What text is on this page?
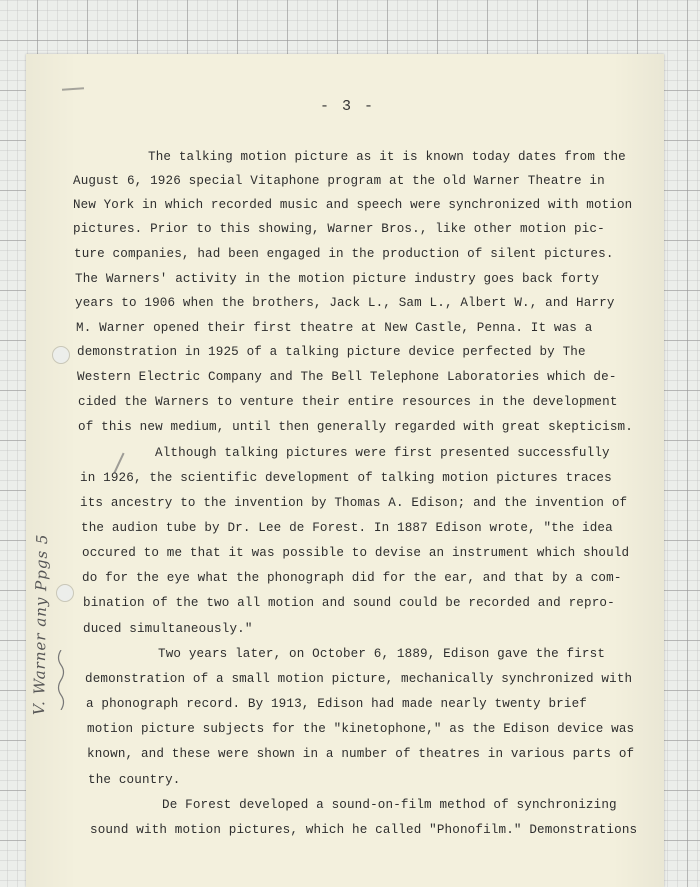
- 3 -
The talking motion picture as it is known today dates from the
August 6, 1926 special Vitaphone program at the old Warner Theatre in
New York in which recorded music and speech were synchronized with motion
pictures. Prior to this showing, Warner Bros., like other motion pic-
ture companies, had been engaged in the production of silent pictures.
The Warners' activity in the motion picture industry goes back forty
years to 1906 when the brothers, Jack L., Sam L., Albert W., and Harry
M. Warner opened their first theatre at New Castle, Penna. It was a
demonstration in 1925 of a talking picture device perfected by The
Western Electric Company and The Bell Telephone Laboratories which de-
cided the Warners to venture their entire resources in the development
of this new medium, until then generally regarded with great skepticism.
Although talking pictures were first presented successfully
in 1926, the scientific development of talking motion pictures traces
its ancestry to the invention by Thomas A. Edison; and the invention of
the audion tube by Dr. Lee de Forest. In 1887 Edison wrote, "the idea
occured to me that it was possible to devise an instrument which should
do for the eye what the phonograph did for the ear, and that by a com-
bination of the two all motion and sound could be recorded and repro-
duced simultaneously."
Two years later, on October 6, 1889, Edison gave the first
demonstration of a small motion picture, mechanically synchronized with
a phonograph record. By 1913, Edison had made nearly twenty brief
motion picture subjects for the "kinetophone," as the Edison device was
known, and these were shown in a number of theatres in various parts of
the country.
De Forest developed a sound-on-film method of synchronizing
sound with motion pictures, which he called "Phonofilm." Demonstrations
V. Warner any Ppgs 5
